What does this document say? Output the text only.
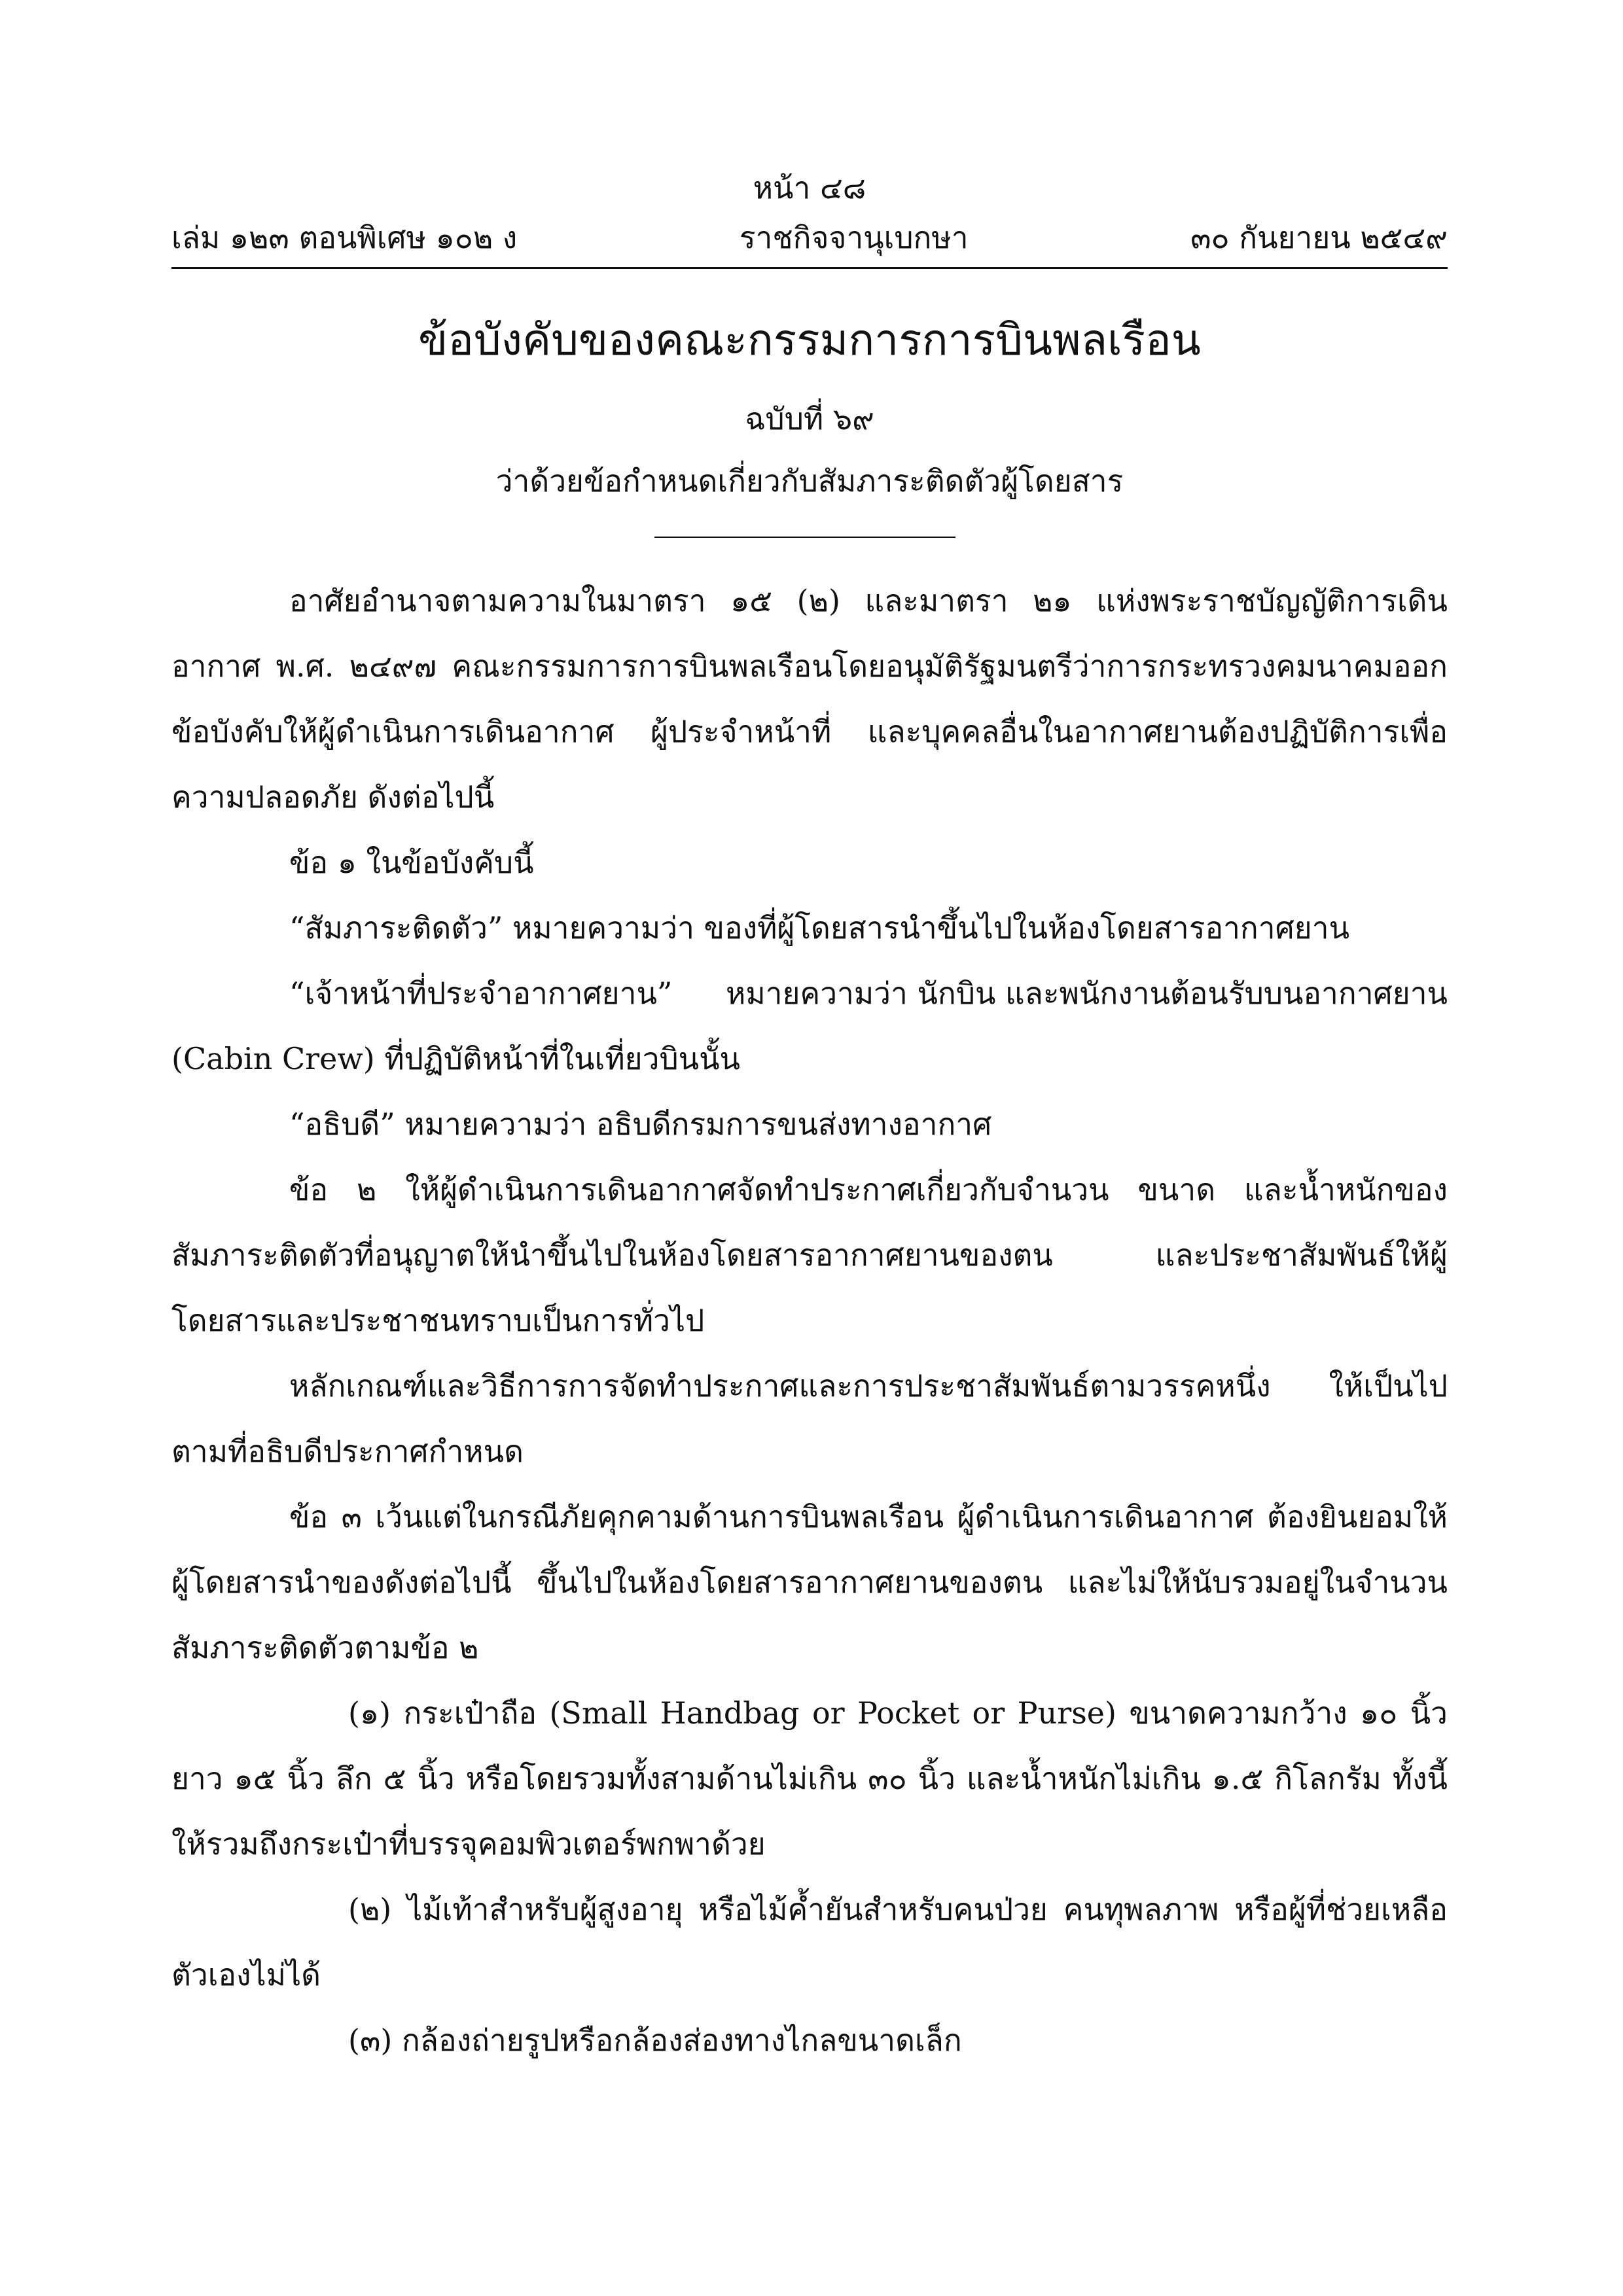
หน้า ๔๘
เล่ม ๑๒๓ ตอนพิเศษ ๑๐๒ ง	ราชกิจจานุเบกษา	๓๐ กันยายน ๒๕๔๙
ข้อบังคับของคณะกรรมการการบินพลเรือน
ฉบับที่ ๖๙
ว่าด้วยข้อกำหนดเกี่ยวกับสัมภาระติดตัวผู้โดยสาร

อาศัยอำนาจตามความในมาตรา ๑๕ (๒) และมาตรา ๒๑ แห่งพระราชบัญญัติการเดินอากาศ พ.ศ. ๒๔๙๗ คณะกรรมการการบินพลเรือนโดยอนุมัติรัฐมนตรีว่าการกระทรวงคมนาคมออกข้อบังคับให้ผู้ดำเนินการเดินอากาศ ผู้ประจำหน้าที่ และบุคคลอื่นในอากาศยานต้องปฏิบัติการเพื่อความปลอดภัย ดังต่อไปนี้

ข้อ ๑ ในข้อบังคับนี้

“สัมภาระติดตัว” หมายความว่า ของที่ผู้โดยสารนำขึ้นไปในห้องโดยสารอากาศยาน

“เจ้าหน้าที่ประจำอากาศยาน” หมายความว่า นักบิน และพนักงานต้อนรับบนอากาศยาน

(Cabin Crew) ที่ปฏิบัติหน้าที่ในเที่ยวบินนั้น

“อธิบดี” หมายความว่า อธิบดีกรมการขนส่งทางอากาศ

ข้อ ๒ ให้ผู้ดำเนินการเดินอากาศจัดทำประกาศเกี่ยวกับจำนวน ขนาด และน้ำหนักของสัมภาระติดตัวที่อนุญาตให้นำขึ้นไปในห้องโดยสารอากาศยานของตน และประชาสัมพันธ์ให้ผู้โดยสารและประชาชนทราบเป็นการทั่วไป

หลักเกณฑ์และวิธีการการจัดทำประกาศและการประชาสัมพันธ์ตามวรรคหนึ่ง ให้เป็นไปตามที่อธิบดีประกาศกำหนด

ข้อ ๓ เว้นแต่ในกรณีภัยคุกคามด้านการบินพลเรือน ผู้ดำเนินการเดินอากาศ ต้องยินยอมให้ผู้โดยสารนำของดังต่อไปนี้ ขึ้นไปในห้องโดยสารอากาศยานของตน และไม่ให้นับรวมอยู่ในจำนวนสัมภาระติดตัวตามข้อ ๒

(๑) กระเป๋าถือ (Small Handbag or Pocket or Purse) ขนาดความกว้าง ๑๐ นิ้ว ยาว ๑๕ นิ้ว ลึก ๕ นิ้ว หรือโดยรวมทั้งสามด้านไม่เกิน ๓๐ นิ้ว และน้ำหนักไม่เกิน ๑.๕ กิโลกรัม ทั้งนี้ให้รวมถึงกระเป๋าที่บรรจุคอมพิวเตอร์พกพาด้วย

(๒) ไม้เท้าสำหรับผู้สูงอายุ หรือไม้ค้ำยันสำหรับคนป่วย คนทุพลภาพ หรือผู้ที่ช่วยเหลือตัวเองไม่ได้

(๓) กล้องถ่ายรูปหรือกล้องส่องทางไกลขนาดเล็ก
